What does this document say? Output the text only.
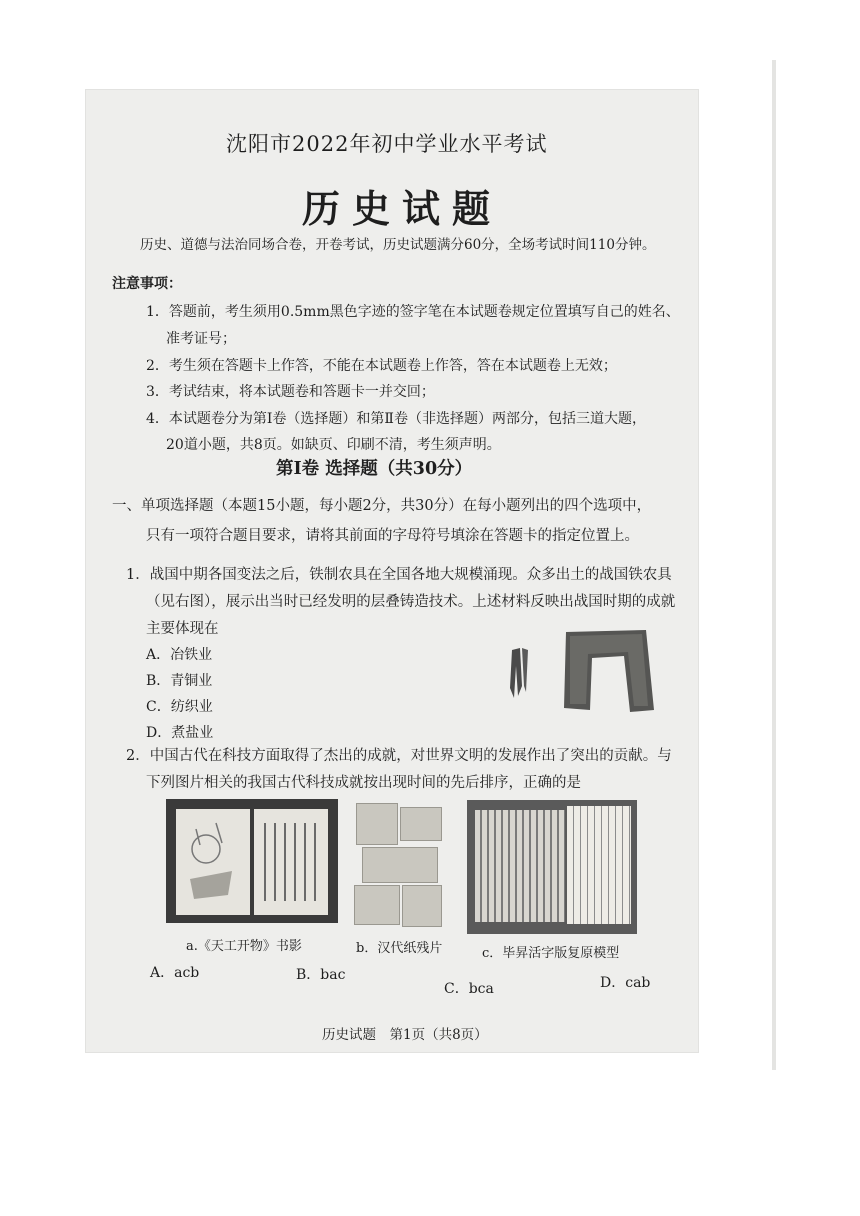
沈阳市2022年初中学业水平考试
历史试题
历史、道德与法治同场合卷，开卷考试，历史试题满分60分，全场考试时间110分钟。
注意事项：
1．答题前，考生须用0.5mm黑色字迹的签字笔在本试题卷规定位置填写自己的姓名、
准考证号；
2．考生须在答题卡上作答，不能在本试题卷上作答，答在本试题卷上无效；
3．考试结束，将本试题卷和答题卡一并交回；
4．本试题卷分为第Ⅰ卷（选择题）和第Ⅱ卷（非选择题）两部分，包括三道大题，
20道小题，共8页。如缺页、印刷不清，考生须声明。
第Ⅰ卷 选择题（共30分）
一、单项选择题（本题15小题，每小题2分，共30分）在每小题列出的四个选项中，
只有一项符合题目要求，请将其前面的字母符号填涂在答题卡的指定位置上。
1．战国中期各国变法之后，铁制农具在全国各地大规模涌现。众多出土的战国铁农具
（见右图），展示出当时已经发明的层叠铸造技术。上述材料反映出战国时期的成就
主要体现在
A．冶铁业
B．青铜业
C．纺织业
D．煮盐业
2．中国古代在科技方面取得了杰出的成就，对世界文明的发展作出了突出的贡献。与
下列图片相关的我国古代科技成就按出现时间的先后排序，正确的是
a.《天工开物》书影	b．汉代纸残片	c．毕昇活字版复原模型
A．acb	B．bac
C．bca	D．cab
历史试题　第1页（共8页）
